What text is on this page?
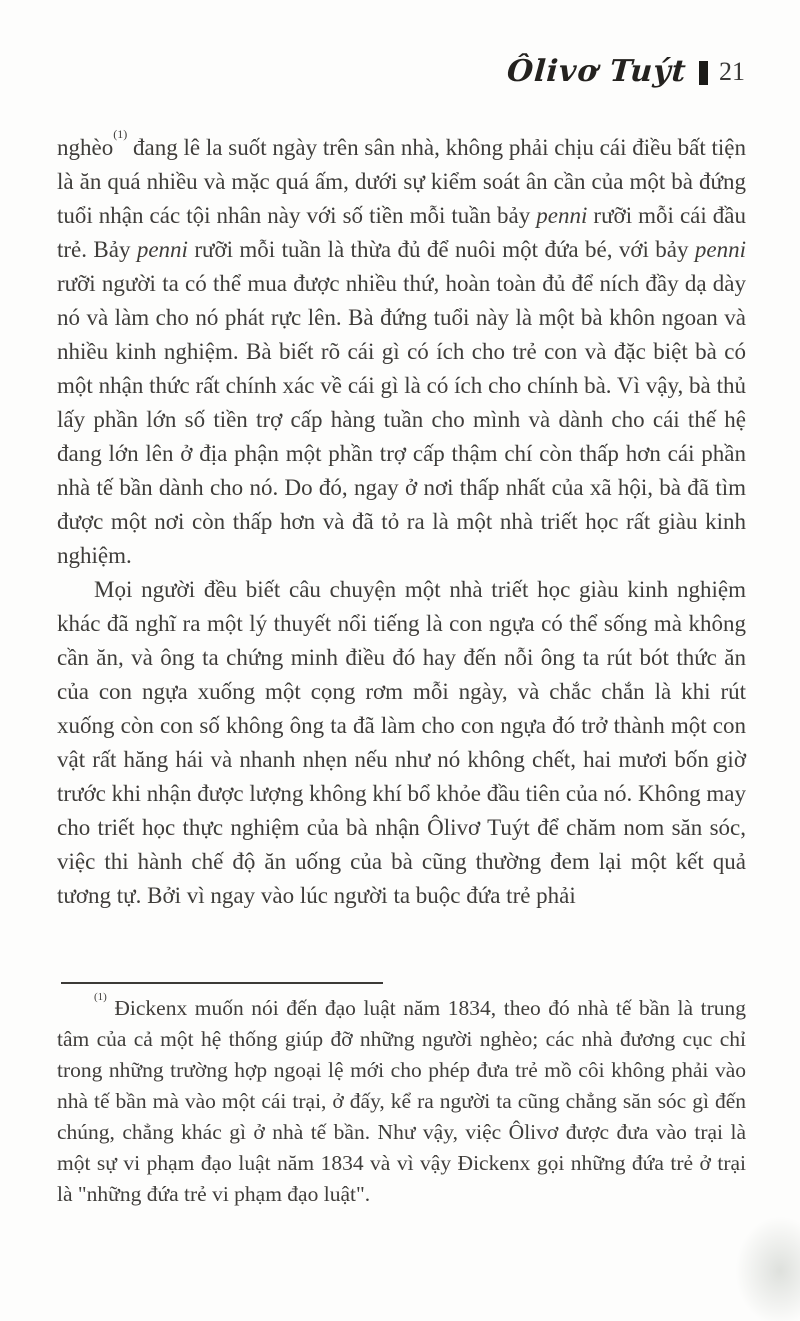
Ôlivơ Tuýt 21

nghèo$^{(1)}$ đang lê la suốt ngày trên sân nhà, không phải chịu cái điều bất tiện là ăn quá nhiều và mặc quá ấm, dưới sự kiểm soát ân cần của một bà đứng tuổi nhận các tội nhân này với số tiền mỗi tuần bảy penni rưỡi mỗi cái đầu trẻ. Bảy penni rưỡi mỗi tuần là thừa đủ để nuôi một đứa bé, với bảy penni rưỡi người ta có thể mua được nhiều thứ, hoàn toàn đủ để ních đầy dạ dày nó và làm cho nó phát rực lên. Bà đứng tuổi này là một bà khôn ngoan và nhiều kinh nghiệm. Bà biết rõ cái gì có ích cho trẻ con và đặc biệt bà có một nhận thức rất chính xác về cái gì là có ích cho chính bà. Vì vậy, bà thủ lấy phần lớn số tiền trợ cấp hàng tuần cho mình và dành cho cái thế hệ đang lớn lên ở địa phận một phần trợ cấp thậm chí còn thấp hơn cái phần nhà tế bần dành cho nó. Do đó, ngay ở nơi thấp nhất của xã hội, bà đã tìm được một nơi còn thấp hơn và đã tỏ ra là một nhà triết học rất giàu kinh nghiệm.

Mọi người đều biết câu chuyện một nhà triết học giàu kinh nghiệm khác đã nghĩ ra một lý thuyết nổi tiếng là con ngựa có thể sống mà không cần ăn, và ông ta chứng minh điều đó hay đến nỗi ông ta rút bót thức ăn của con ngựa xuống một cọng rơm mỗi ngày, và chắc chắn là khi rút xuống còn con số không ông ta đã làm cho con ngựa đó trở thành một con vật rất hăng hái và nhanh nhẹn nếu như nó không chết, hai mươi bốn giờ trước khi nhận được lượng không khí bổ khỏe đầu tiên của nó. Không may cho triết học thực nghiệm của bà nhận Ôlivơ Tuýt để chăm nom săn sóc, việc thi hành chế độ ăn uống của bà cũng thường đem lại một kết quả tương tự. Bởi vì ngay vào lúc người ta buộc đứa trẻ phải

$^{(1)}$ Đickenx muốn nói đến đạo luật năm 1834, theo đó nhà tế bần là trung tâm của cả một hệ thống giúp đỡ những người nghèo; các nhà đương cục chỉ trong những trường hợp ngoại lệ mới cho phép đưa trẻ mồ côi không phải vào nhà tế bần mà vào một cái trại, ở đấy, kể ra người ta cũng chẳng săn sóc gì đến chúng, chẳng khác gì ở nhà tế bần. Như vậy, việc Ôlivơ được đưa vào trại là một sự vi phạm đạo luật năm 1834 và vì vậy Đickenx gọi những đứa trẻ ở trại là "những đứa trẻ vi phạm đạo luật".
